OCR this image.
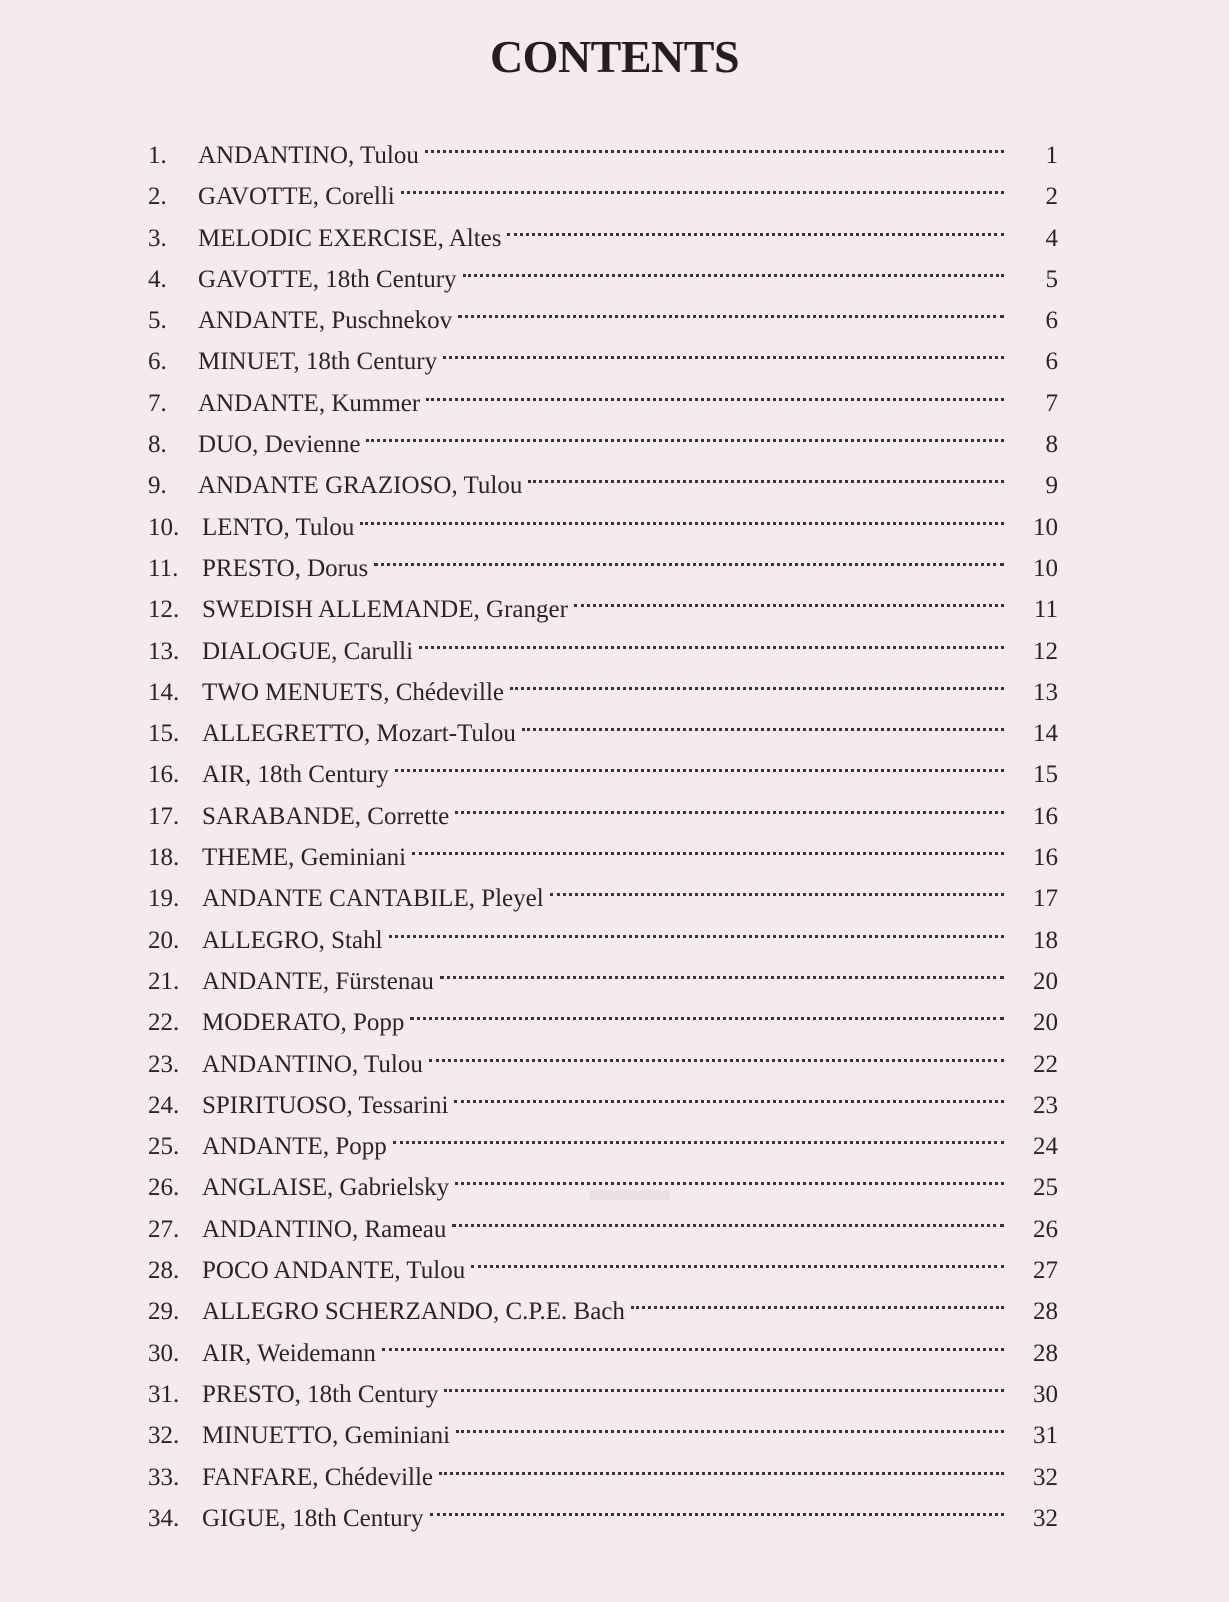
CONTENTS
1.	ANDANTINO, Tulou	1
2.	GAVOTTE, Corelli	2
3.	MELODIC EXERCISE, Altes	4
4.	GAVOTTE, 18th Century	5
5.	ANDANTE, Puschnekov	6
6.	MINUET, 18th Century	6
7.	ANDANTE, Kummer	7
8.	DUO, Devienne	8
9.	ANDANTE GRAZIOSO, Tulou	9
10. LENTO, Tulou	10
11. PRESTO, Dorus	10
12. SWEDISH ALLEMANDE, Granger	11
13. DIALOGUE, Carulli	12
14. TWO MENUETS, Chédeville	13
15. ALLEGRETTO, Mozart-Tulou	14
16. AIR, 18th Century	15
17. SARABANDE, Corrette	16
18. THEME, Geminiani	16
19. ANDANTE CANTABILE, Pleyel	17
20. ALLEGRO, Stahl	18
21. ANDANTE, Fürstenau	20
22. MODERATO, Popp	20
23. ANDANTINO, Tulou	22
24. SPIRITUOSO, Tessarini	23
25. ANDANTE, Popp	24
26. ANGLAISE, Gabrielsky	25
27. ANDANTINO, Rameau	26
28. POCO ANDANTE, Tulou	27
29. ALLEGRO SCHERZANDO, C.P.E. Bach	28
30. AIR, Weidemann	28
31. PRESTO, 18th Century	30
32. MINUETTO, Geminiani	31
33. FANFARE, Chédeville	32
34. GIGUE, 18th Century	32
